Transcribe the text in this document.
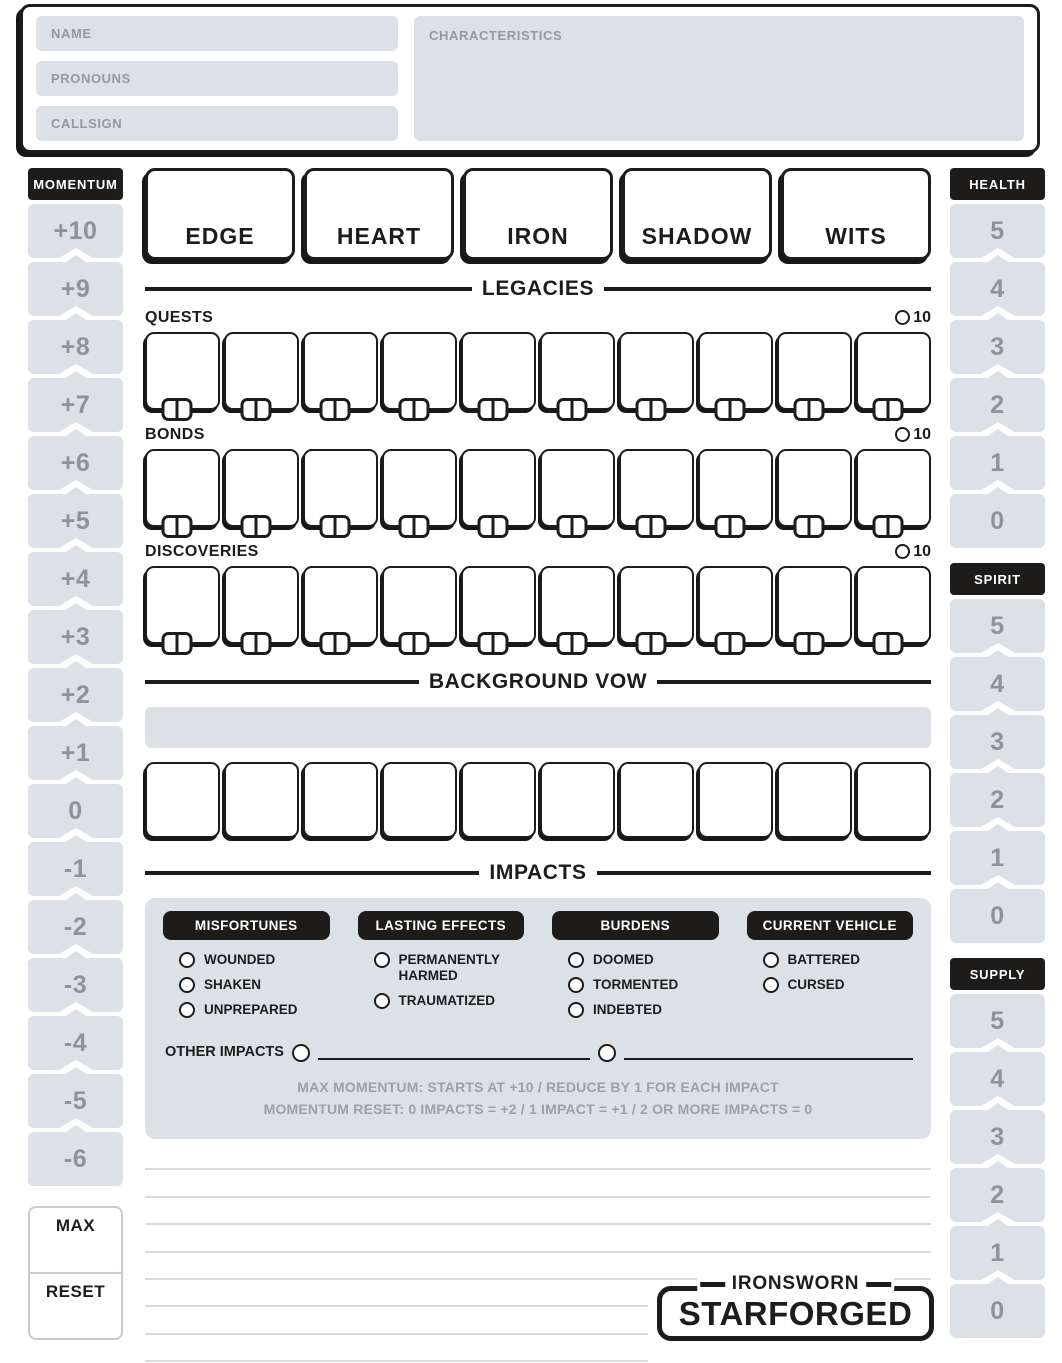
NAME
PRONOUNS
CALLSIGN
CHARACTERISTICS
MOMENTUM
+10
+9
+8
+7
+6
+5
+4
+3
+2
+1
0
-1
-2
-3
-4
-5
-6
MAX
RESET
HEALTH
5
4
3
2
1
0
SPIRIT
5
4
3
2
1
0
SUPPLY
5
4
3
2
1
0
EDGE	HEART	IRON	SHADOW	WITS
LEGACIES
QUESTS	10
BONDS	10
DISCOVERIES	10
BACKGROUND VOW
IMPACTS
MISFORTUNES
WOUNDED
SHAKEN
UNPREPARED
LASTING EFFECTS
PERMANENTLY HARMED
TRAUMATIZED
BURDENS
DOOMED
TORMENTED
INDEBTED
CURRENT VEHICLE
BATTERED
CURSED
OTHER IMPACTS
MAX MOMENTUM: STARTS AT +10 / REDUCE BY 1 FOR EACH IMPACT
MOMENTUM RESET: 0 IMPACTS = +2 / 1 IMPACT = +1 / 2 OR MORE IMPACTS = 0
STARFORGED
IRONSWORN
